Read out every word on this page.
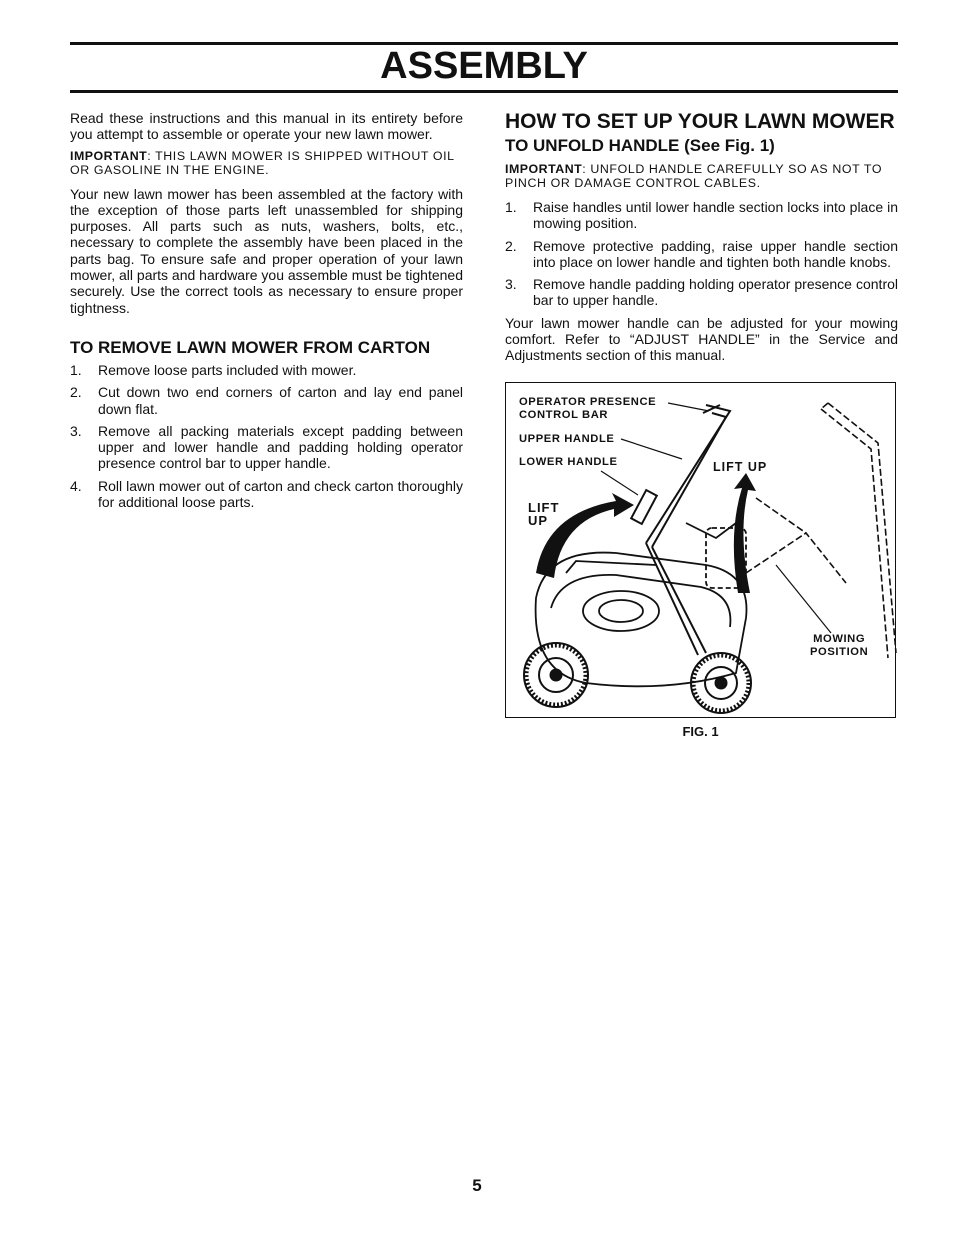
ASSEMBLY

Read these instructions and this manual in its entirety before you attempt to assemble or operate your new lawn mower.

IMPORTANT: THIS LAWN MOWER IS SHIPPED WITHOUT OIL OR GASOLINE IN THE ENGINE.

Your new lawn mower has been assembled at the factory with the exception of those parts left unassembled for shipping purposes. All parts such as nuts, washers, bolts, etc., necessary to complete the assembly have been placed in the parts bag. To ensure safe and proper operation of your lawn mower, all parts and hardware you assemble must be tightened securely. Use the correct tools as necessary to ensure proper tightness.

TO REMOVE LAWN MOWER FROM CARTON
1. Remove loose parts included with mower.
2. Cut down two end corners of carton and lay end panel down flat.
3. Remove all packing materials except padding between upper and lower handle and padding holding operator presence control bar to upper handle.
4. Roll lawn mower out of carton and check carton thoroughly for additional loose parts.
HOW TO SET UP YOUR LAWN MOWER
TO UNFOLD HANDLE (See Fig. 1)

IMPORTANT: UNFOLD HANDLE CAREFULLY SO AS NOT TO PINCH OR DAMAGE CONTROL CABLES.

1. Raise handles until lower handle section locks into place in mowing position.
2. Remove protective padding, raise upper handle section into place on lower handle and tighten both handle knobs.
3. Remove handle padding holding operator presence control bar to upper handle.

Your lawn mower handle can be adjusted for your mowing comfort. Refer to “ADJUST HANDLE” in the Service and Adjustments section of this manual.

OPERATOR PRESENCE
CONTROL BAR
UPPER HANDLE
LOWER HANDLE	LIFT UP
LIFT
UP
MOWING
POSITION
FIG. 1
5
